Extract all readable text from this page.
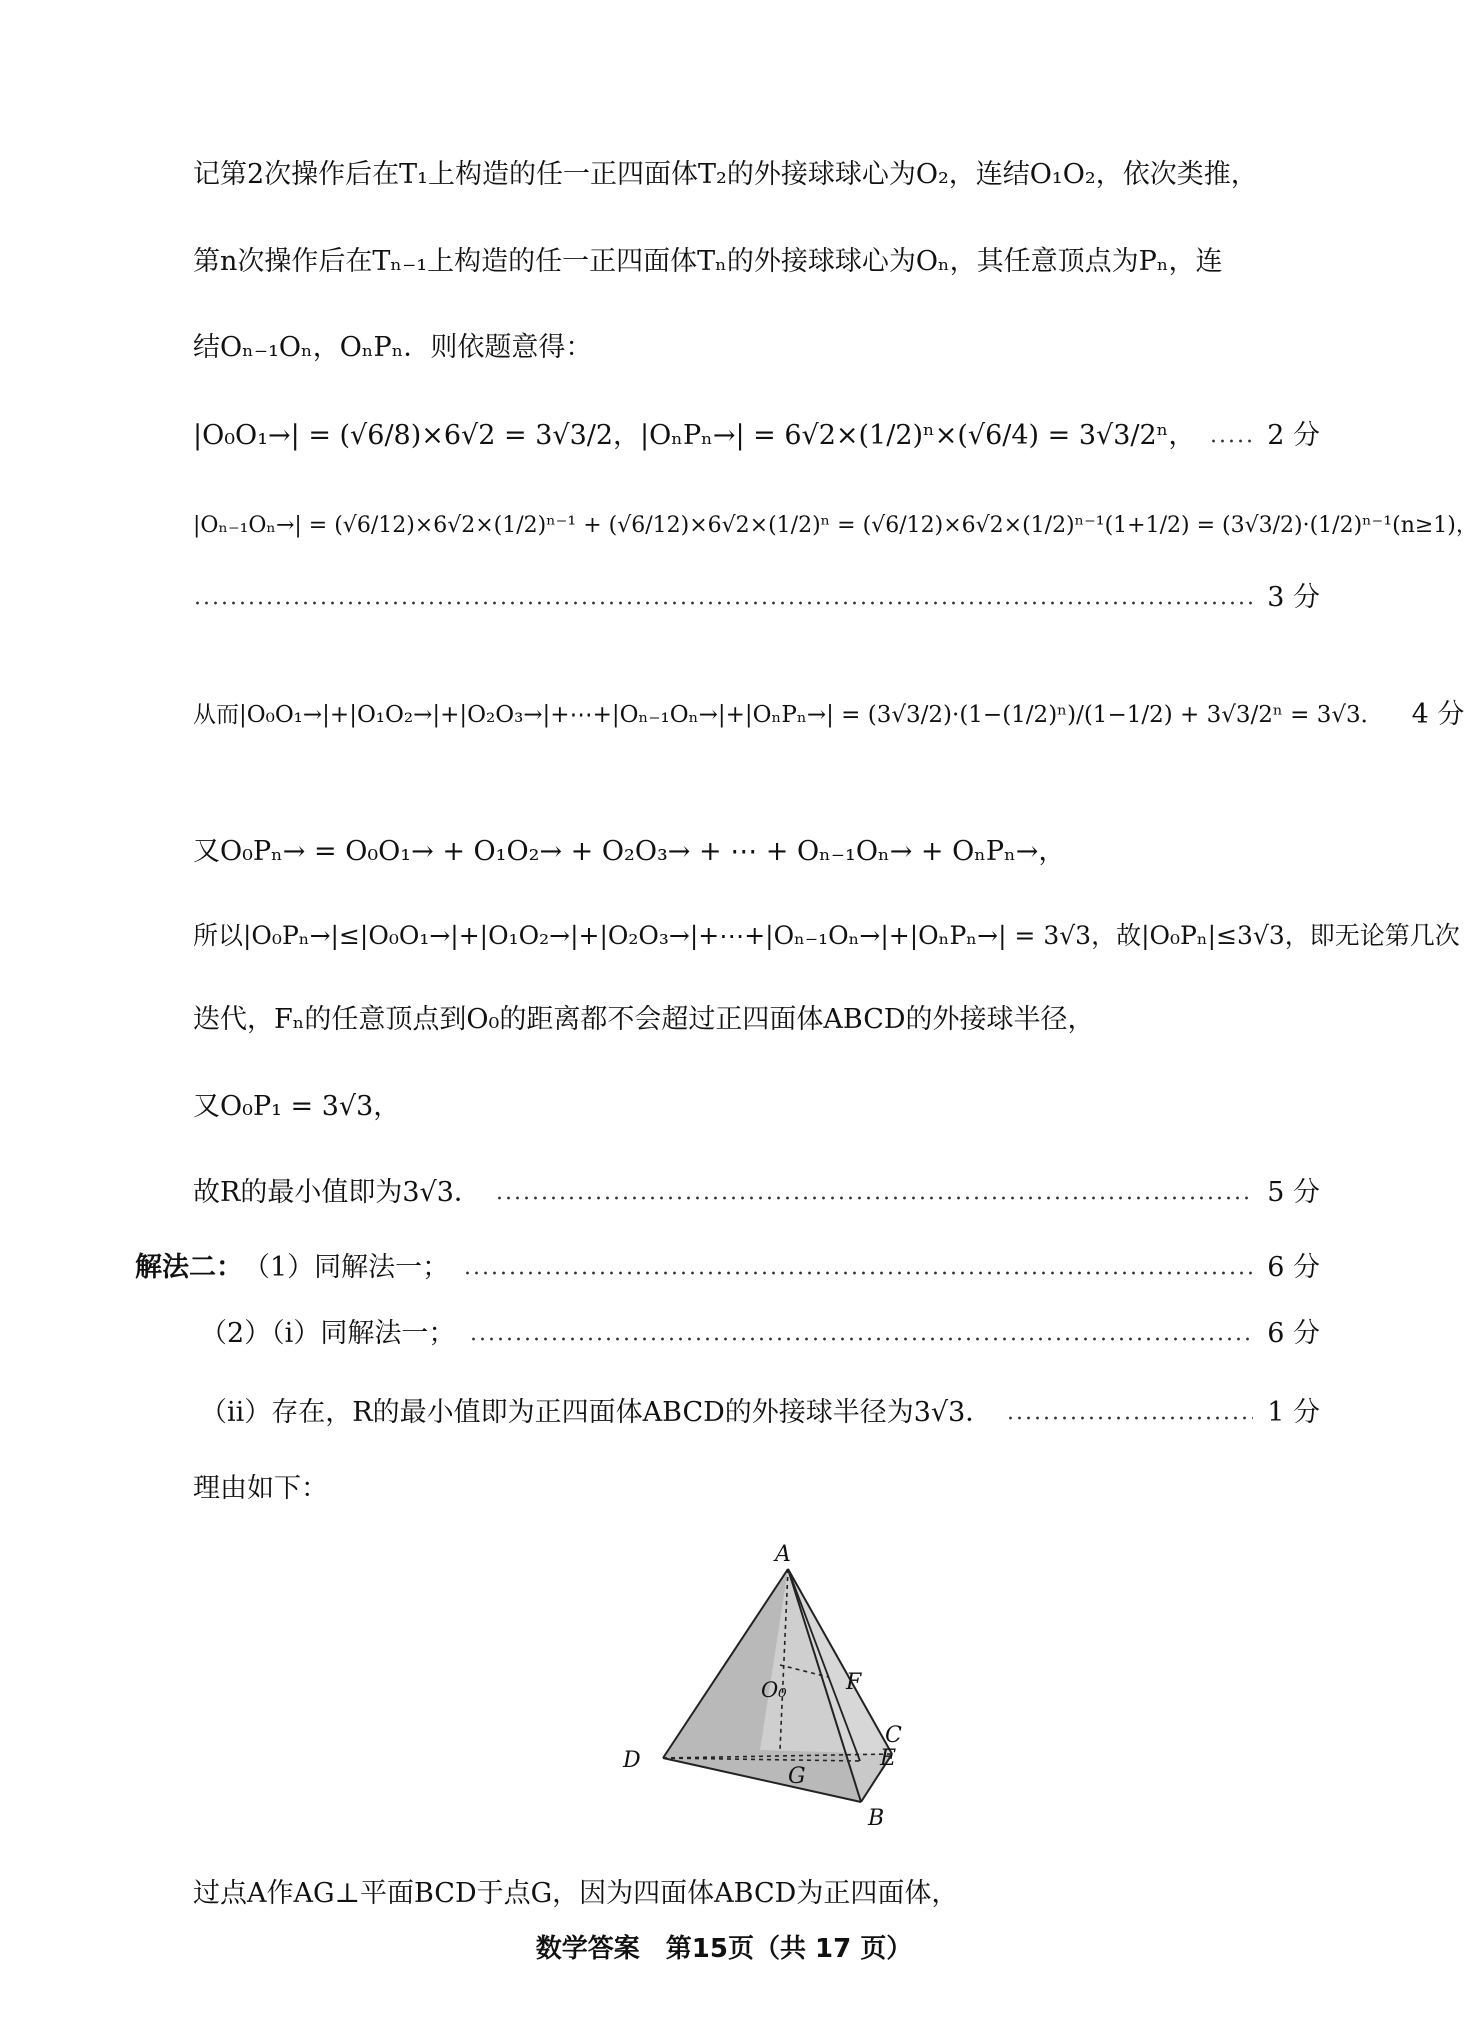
记第2次操作后在T₁上构造的任一正四面体T₂的外接球球心为O₂，连结O₁O₂，依次类推，
第n次操作后在Tₙ₋₁上构造的任一正四面体Tₙ的外接球球心为Oₙ，其任意顶点为Pₙ，连
结Oₙ₋₁Oₙ，OₙPₙ．则依题意得：
|O₀O₁→| = (√6/8)×6√2 = 3√3/2，|OₙPₙ→| = 6√2×(1/2)ⁿ×(√6/4) = 3√3/2ⁿ，	2 分
|Oₙ₋₁Oₙ→| = (√6/12)×6√2×(1/2)ⁿ⁻¹ + (√6/12)×6√2×(1/2)ⁿ = (√6/12)×6√2×(1/2)ⁿ⁻¹(1+1/2) = (3√3/2)·(1/2)ⁿ⁻¹(n≥1)，
3 分
从而|O₀O₁→|+|O₁O₂→|+|O₂O₃→|+⋯+|Oₙ₋₁Oₙ→|+|OₙPₙ→| = (3√3/2)·(1−(1/2)ⁿ)/(1−1/2) + 3√3/2ⁿ = 3√3． 4 分
又O₀Pₙ→ = O₀O₁→ + O₁O₂→ + O₂O₃→ + ⋯ + Oₙ₋₁Oₙ→ + OₙPₙ→，
所以|O₀Pₙ→|≤|O₀O₁→|+|O₁O₂→|+|O₂O₃→|+⋯+|Oₙ₋₁Oₙ→|+|OₙPₙ→| = 3√3，故|O₀Pₙ|≤3√3，即无论第几次
迭代，Fₙ的任意顶点到O₀的距离都不会超过正四面体ABCD的外接球半径，
又O₀P₁ = 3√3，
故R的最小值即为3√3．	5 分
解法二： （1）同解法一；	6 分
（2）（i）同解法一；	6 分
（ii）存在，R的最小值即为正四面体ABCD的外接球半径为3√3．	1 分
理由如下：
A
B
C
D	E
F
G
O₀
过点A作AG⊥平面BCD于点G，因为四面体ABCD为正四面体，
数学答案　第15页（共 17 页）
